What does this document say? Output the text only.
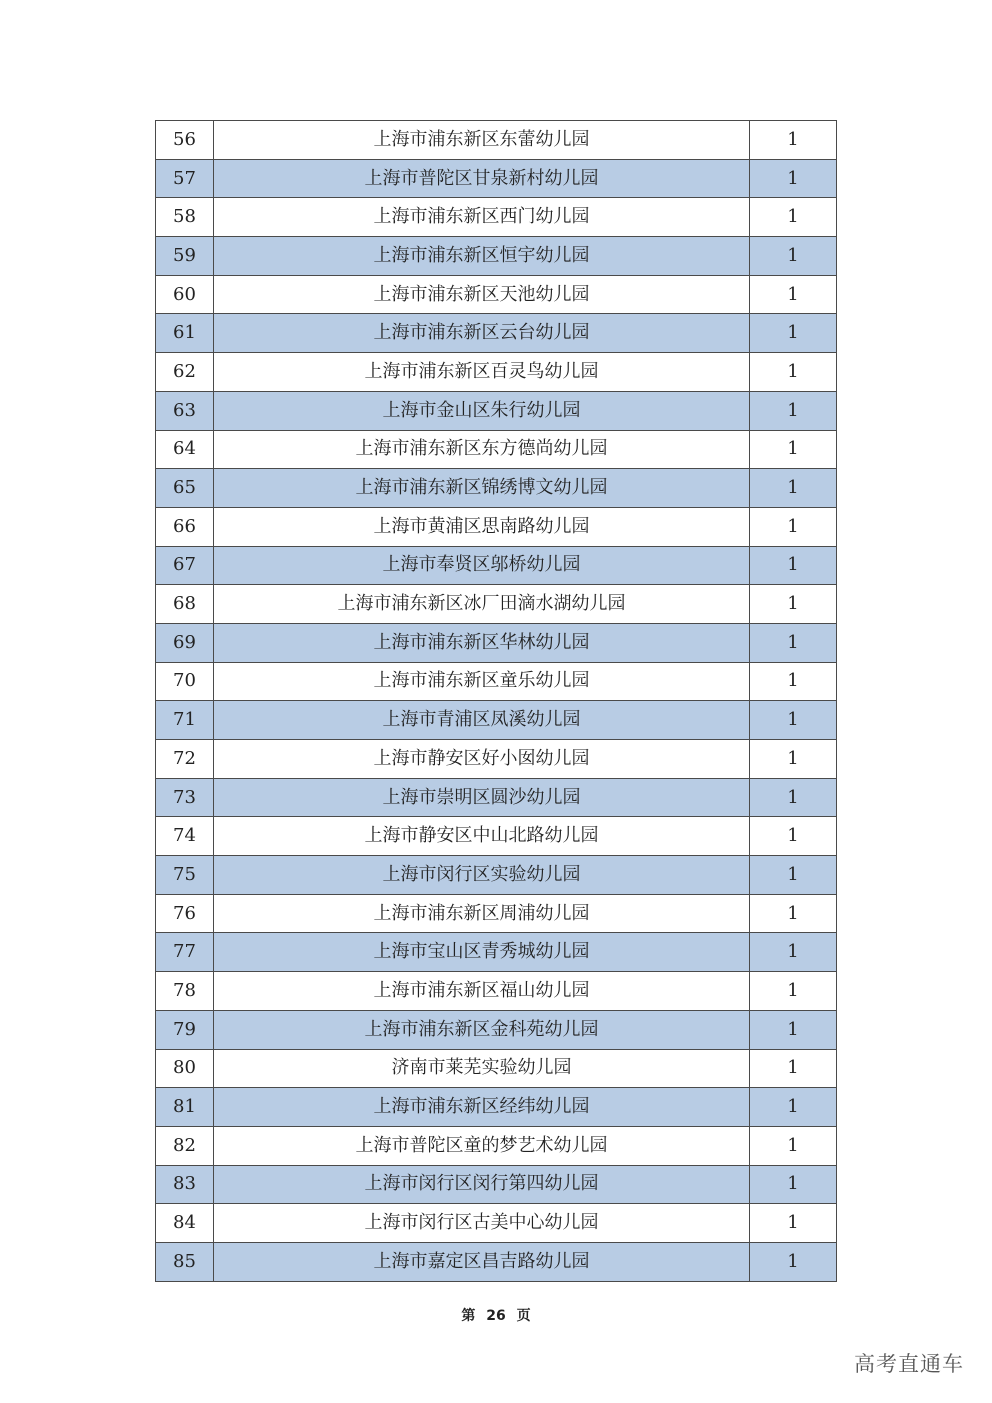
56	上海市浦东新区东蕾幼儿园	1
57	上海市普陀区甘泉新村幼儿园	1
58	上海市浦东新区西门幼儿园	1
59	上海市浦东新区恒宇幼儿园	1
60	上海市浦东新区天池幼儿园	1
61	上海市浦东新区云台幼儿园	1
62	上海市浦东新区百灵鸟幼儿园	1
63	上海市金山区朱行幼儿园	1
64	上海市浦东新区东方德尚幼儿园	1
65	上海市浦东新区锦绣博文幼儿园	1
66	上海市黄浦区思南路幼儿园	1
67	上海市奉贤区邬桥幼儿园	1
68	上海市浦东新区冰厂田滴水湖幼儿园	1
69	上海市浦东新区华林幼儿园	1
70	上海市浦东新区童乐幼儿园	1
71	上海市青浦区凤溪幼儿园	1
72	上海市静安区好小囡幼儿园	1
73	上海市崇明区圆沙幼儿园	1
74	上海市静安区中山北路幼儿园	1
75	上海市闵行区实验幼儿园	1
76	上海市浦东新区周浦幼儿园	1
77	上海市宝山区青秀城幼儿园	1
78	上海市浦东新区福山幼儿园	1
79	上海市浦东新区金科苑幼儿园	1
80	济南市莱芜实验幼儿园	1
81	上海市浦东新区经纬幼儿园	1
82	上海市普陀区童的梦艺术幼儿园	1
83	上海市闵行区闵行第四幼儿园	1
84	上海市闵行区古美中心幼儿园	1
85	上海市嘉定区昌吉路幼儿园	1
第 26 页
高考直通车
